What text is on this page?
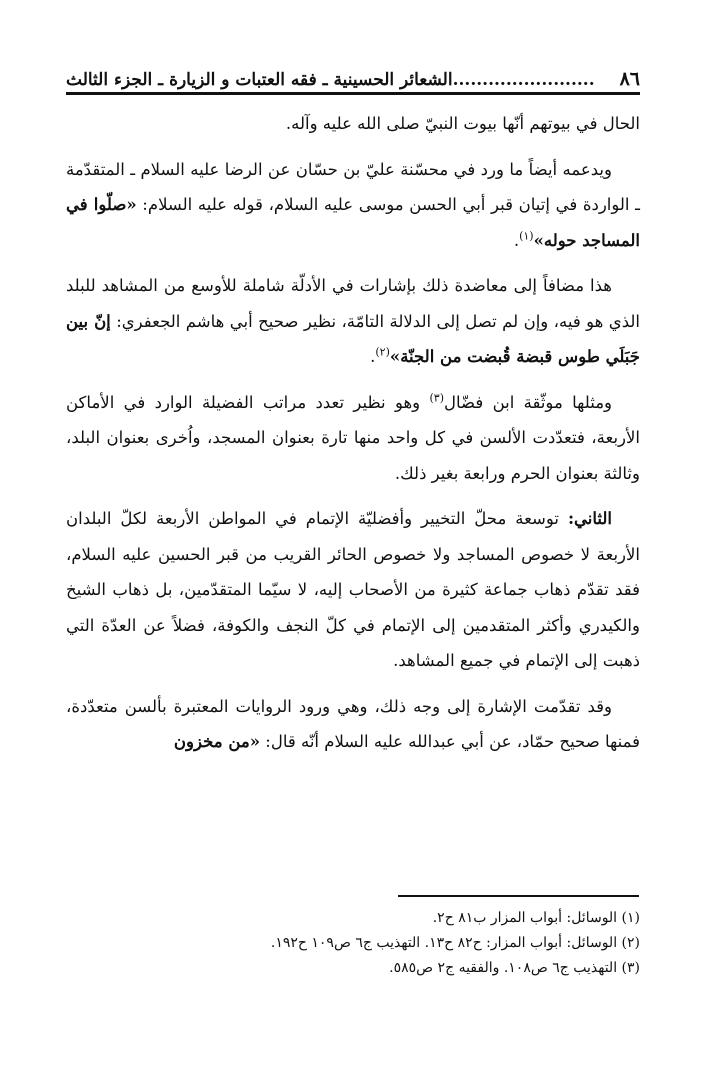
٨٦
........................الشعائر الحسينية ـ فقه العتبات و الزيارة ـ الجزء الثالث

الحال في بيوتهم أنّها بيوت النبيّ صلى الله عليه وآله.

ويدعمه أيضاً ما ورد في محسّنة عليّ بن حسّان عن الرضا عليه السلام ـ المتقدّمة ـ الواردة في إتيان قبر أبي الحسن موسى عليه السلام، قوله عليه السلام: «صلّوا في المساجد حوله»$^{(١)}$.

هذا مضافاً إلى معاضدة ذلك بإشارات في الأدلّة شاملة للأوسع من المشاهد للبلد الذي هو فيه، وإن لم تصل إلى الدلالة التامّة، نظير صحيح أبي هاشم الجعفري: إنّ بين جَبَلَي طوس قبضة قُبضت من الجنّة»$^{(٢)}$.

ومثلها موثّقة ابن فضّال$^{(٣)}$ وهو نظير تعدد مراتب الفضيلة الوارد في الأماكن الأربعة، فتعدّدت الألسن في كل واحد منها تارة بعنوان المسجد، واُخرى بعنوان البلد، وثالثة بعنوان الحرم ورابعة بغير ذلك.

الثاني: توسعة محلّ التخيير وأفضليّة الإتمام في المواطن الأربعة لكلّ البلدان الأربعة لا خصوص المساجد ولا خصوص الحائر القريب من قبر الحسين عليه السلام، فقد تقدّم ذهاب جماعة كثيرة من الأصحاب إليه، لا سيّما المتقدّمين، بل ذهاب الشيخ والكيدري وأكثر المتقدمين إلى الإتمام في كلّ النجف والكوفة، فضلاً عن العدّة التي ذهبت إلى الإتمام في جميع المشاهد.

وقد تقدّمت الإشارة إلى وجه ذلك، وهي ورود الروايات المعتبرة بألسن متعدّدة، فمنها صحيح حمّاد، عن أبي عبدالله عليه السلام أنّه قال: «من مخزون

(١) الوسائل: أبواب المزار ب٨١ ح٢.

(٢) الوسائل: أبواب المزار: ح٨٢ ح١٣. التهذيب ج٦ ص١٠٩ ح١٩٢.

(٣) التهذيب ج٦ ص١٠٨. والفقيه ج٢ ص٥٨٥.
